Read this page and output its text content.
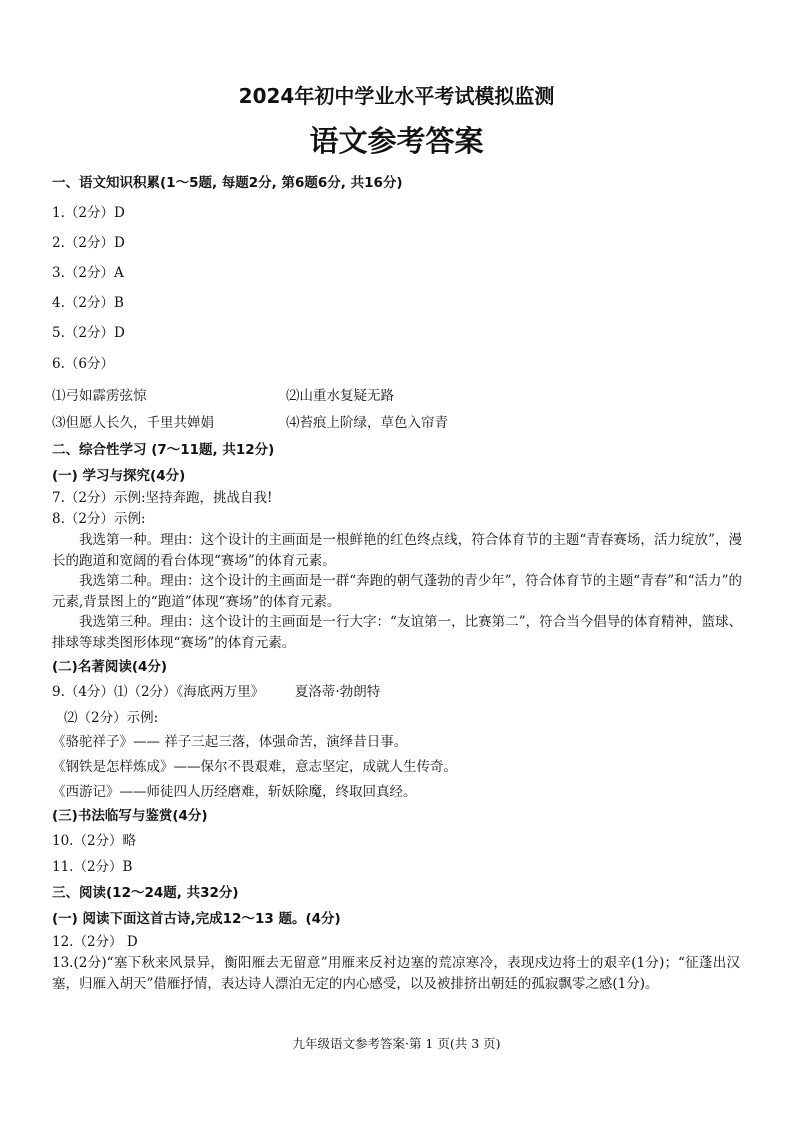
2024年初中学业水平考试模拟监测
语文参考答案
一、语文知识积累(1～5题, 每题2分, 第6题6分, 共16分)
1.（2分）D
2.（2分）D
3.（2分）A
4.（2分）B
5.（2分）D
6.（6分）
⑴弓如霹雳弦惊	⑵山重水复疑无路
⑶但愿人长久，千里共婵娟	⑷苔痕上阶绿，草色入帘青
二、综合性学习 (7～11题, 共12分)
(一) 学习与探究(4分)
7.（2分）示例:坚持奔跑，挑战自我!
8.（2分）示例:
我选第一种。理由：这个设计的主画面是一根鲜艳的红色终点线，符合体育节的主题“青春赛场，活力绽放”，漫长的跑道和宽阔的看台体现“赛场”的体育元素。
我选第二种。理由：这个设计的主画面是一群“奔跑的朝气蓬勃的青少年”，符合体育节的主题“青春”和“活力”的元素,背景图上的“跑道”体现“赛场”的体育元素。
我选第三种。理由：这个设计的主画面是一行大字：“友谊第一，比赛第二”，符合当今倡导的体育精神，篮球、排球等球类图形体现“赛场”的体育元素。
(二)名著阅读(4分)
9.（4分）⑴（2分）《海底两万里》 夏洛蒂·勃朗特
⑵（2分）示例:
《骆驼祥子》—— 祥子三起三落，体强命苦，演绎昔日事。
《钢铁是怎样炼成》——保尔不畏艰难，意志坚定，成就人生传奇。
《西游记》——师徒四人历经磨难，斩妖除魔，终取回真经。
(三)书法临写与鉴赏(4分)
10.（2分）略
11.（2分）B
三、阅读(12～24题, 共32分)
(一) 阅读下面这首古诗,完成12～13 题。(4分)
12.（2分） D
13.(2分)“塞下秋来风景异，衡阳雁去无留意”用雁来反衬边塞的荒凉寒冷，表现戍边将士的艰辛(1分)；“征蓬出汉塞，归雁入胡天”借雁抒情，表达诗人漂泊无定的内心感受，以及被排挤出朝廷的孤寂飘零之感(1分)。
九年级语文参考答案·第 1 页(共 3 页)
